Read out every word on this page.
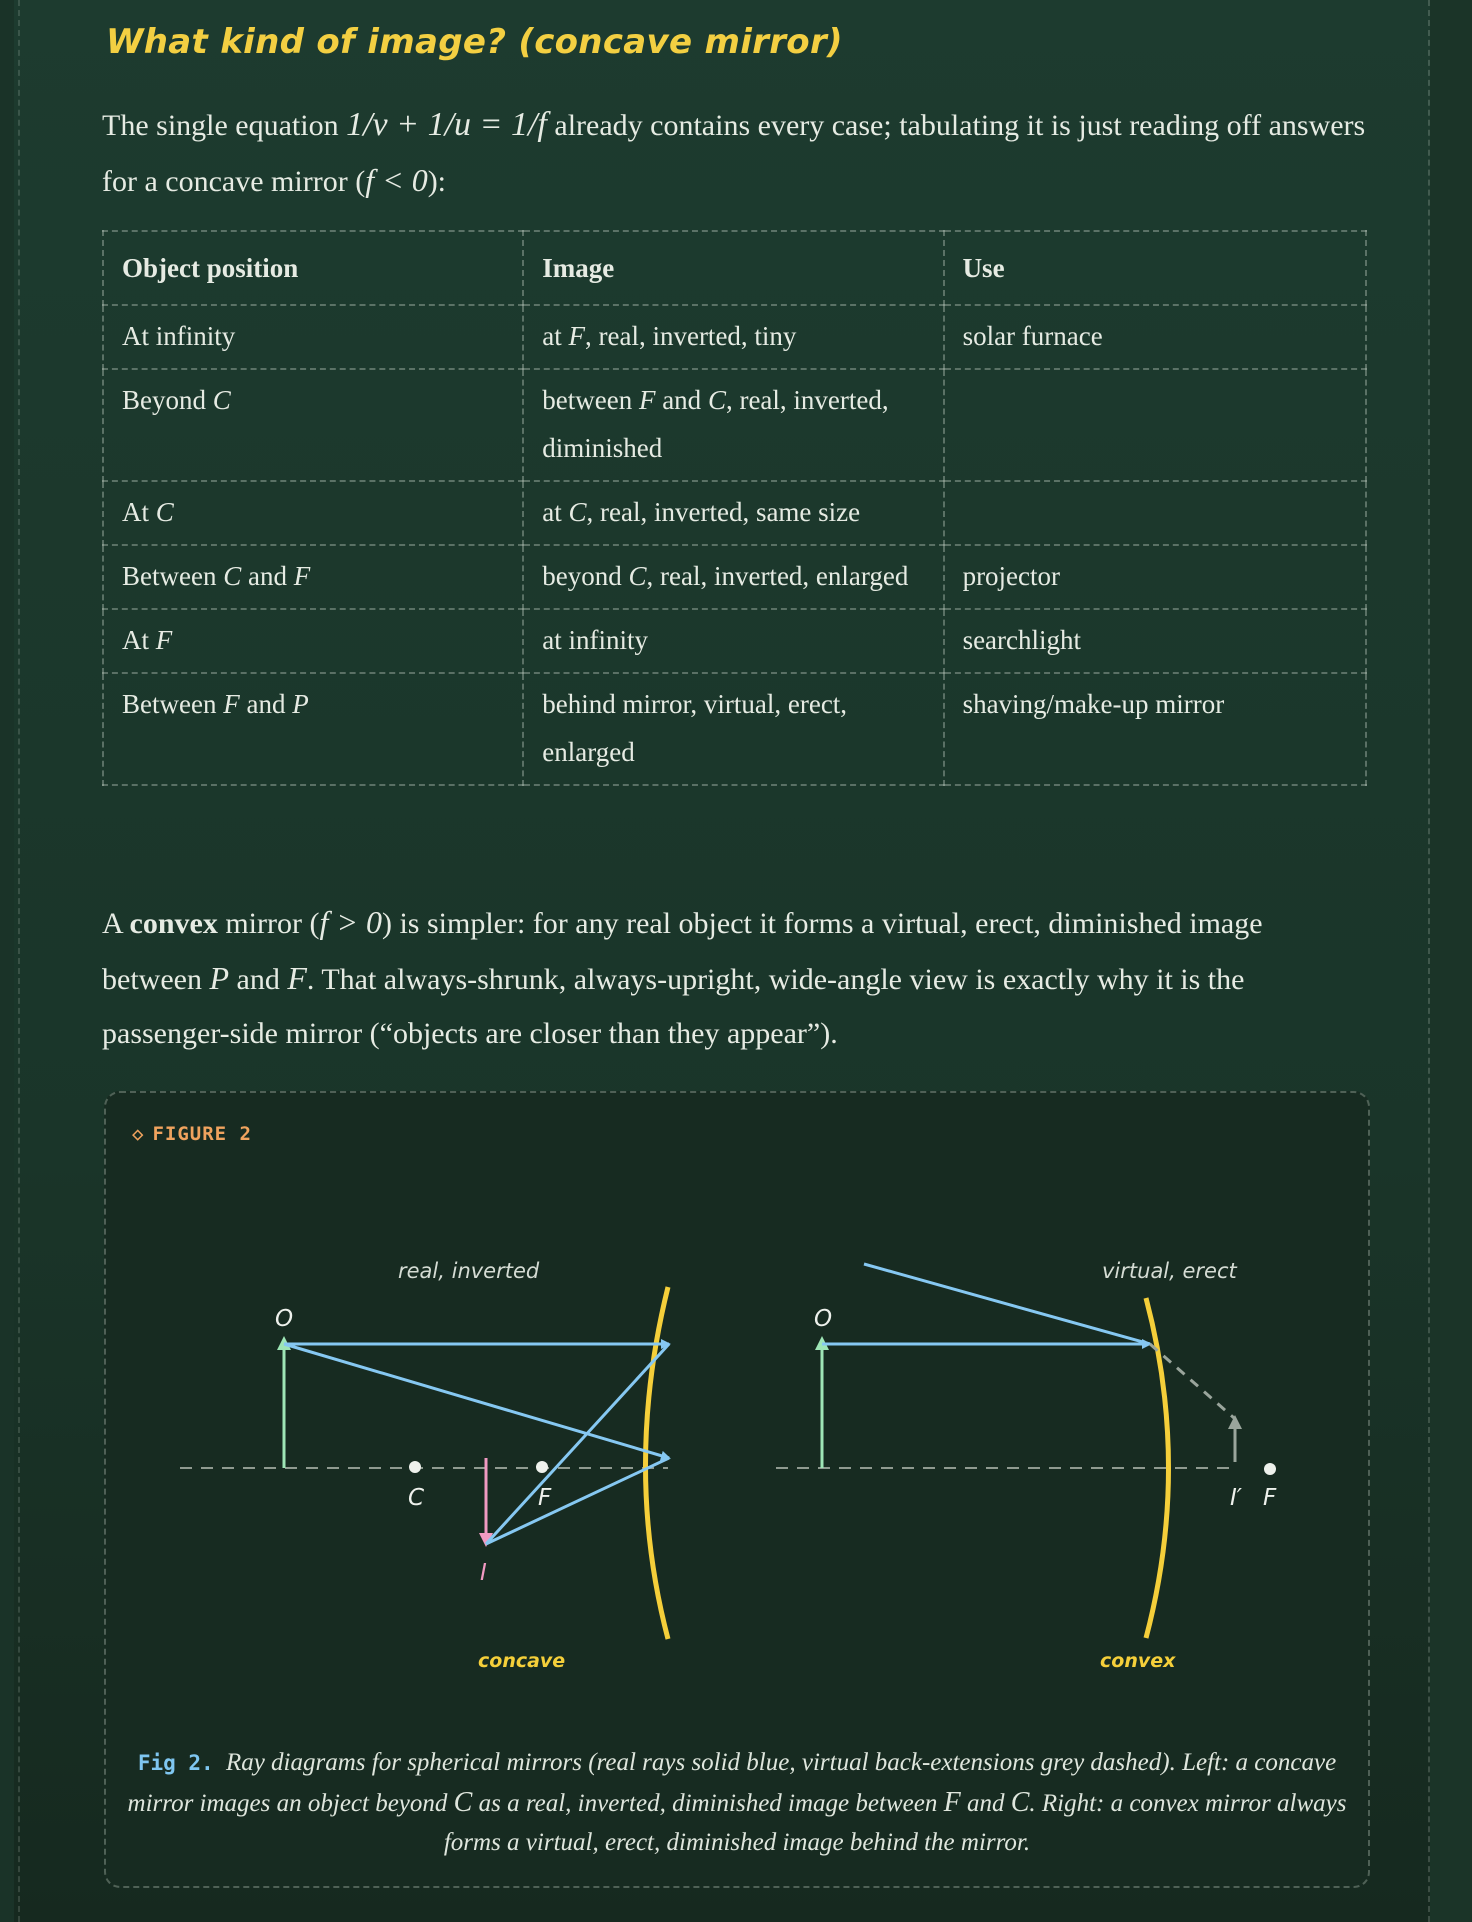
What kind of image? (concave mirror)

The single equation 1/v + 1/u = 1/f already contains every case; tabulating it is just reading off answers for a concave mirror (f < 0):

Object position	Image	Use
At infinity	at F, real, inverted, tiny	solar furnace
Beyond C	between F and C, real, inverted, diminished	
At C	at C, real, inverted, same size	
Between C and F	beyond C, real, inverted, enlarged	projector
At F	at infinity	searchlight
Between F and P	behind mirror, virtual, erect, enlarged	shaving/make-up mirror

A convex mirror (f > 0) is simpler: for any real object it forms a virtual, erect, diminished image between P and F. That always-shrunk, always-upright, wide-angle view is exactly why it is the passenger-side mirror (“objects are closer than they appear”).

◇ FIGURE 2
real, inverted
O
C	F
I
concave
virtual, erect
O
I′ F
convex
Fig 2. Ray diagrams for spherical mirrors (real rays solid blue, virtual back-extensions grey dashed). Left: a concave mirror images an object beyond C as a real, inverted, diminished image between F and C. Right: a convex mirror always forms a virtual, erect, diminished image behind the mirror.
